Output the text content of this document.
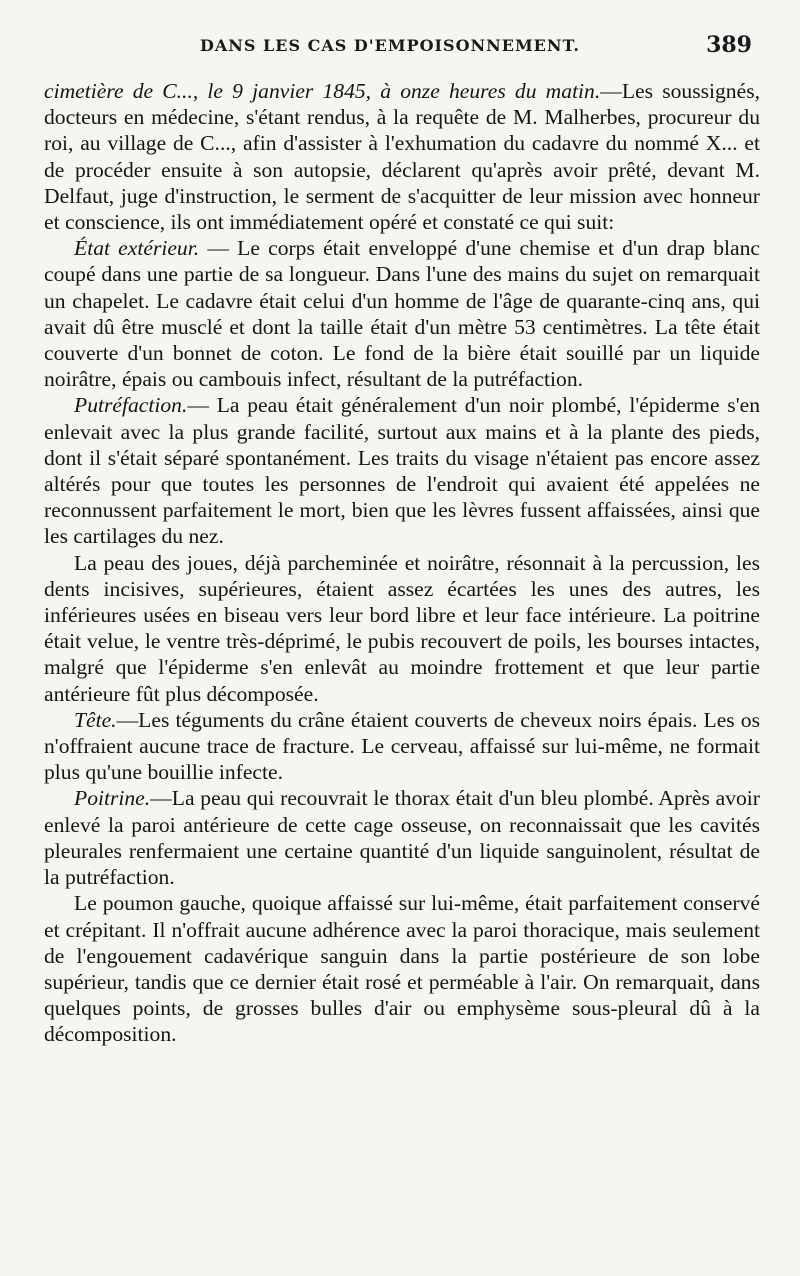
DANS LES CAS D'EMPOISONNEMENT.	389

cimetière de C..., le 9 janvier 1845, à onze heures du matin.—Les soussignés, docteurs en médecine, s'étant rendus, à la requête de M. Malherbes, procureur du roi, au village de C..., afin d'assister à l'exhumation du cadavre du nommé X... et de procéder ensuite à son autopsie, déclarent qu'après avoir prêté, devant M. Delfaut, juge d'instruction, le serment de s'acquitter de leur mission avec honneur et conscience, ils ont immédiatement opéré et constaté ce qui suit:

État extérieur. — Le corps était enveloppé d'une chemise et d'un drap blanc coupé dans une partie de sa longueur. Dans l'une des mains du sujet on remarquait un chapelet. Le cadavre était celui d'un homme de l'âge de quarante-cinq ans, qui avait dû être musclé et dont la taille était d'un mètre 53 centimètres. La tête était couverte d'un bonnet de coton. Le fond de la bière était souillé par un liquide noirâtre, épais ou cambouis infect, résultant de la putréfaction.

Putréfaction.— La peau était généralement d'un noir plombé, l'épiderme s'en enlevait avec la plus grande facilité, surtout aux mains et à la plante des pieds, dont il s'était séparé spontanément. Les traits du visage n'étaient pas encore assez altérés pour que toutes les personnes de l'endroit qui avaient été appelées ne reconnussent parfaitement le mort, bien que les lèvres fussent affaissées, ainsi que les cartilages du nez.

La peau des joues, déjà parcheminée et noirâtre, résonnait à la percussion, les dents incisives, supérieures, étaient assez écartées les unes des autres, les inférieures usées en biseau vers leur bord libre et leur face intérieure. La poitrine était velue, le ventre très-déprimé, le pubis recouvert de poils, les bourses intactes, malgré que l'épiderme s'en enlevât au moindre frottement et que leur partie antérieure fût plus décomposée.

Tête.—Les téguments du crâne étaient couverts de cheveux noirs épais. Les os n'offraient aucune trace de fracture. Le cerveau, affaissé sur lui-même, ne formait plus qu'une bouillie infecte.

Poitrine.—La peau qui recouvrait le thorax était d'un bleu plombé. Après avoir enlevé la paroi antérieure de cette cage osseuse, on reconnaissait que les cavités pleurales renfermaient une certaine quantité d'un liquide sanguinolent, résultat de la putréfaction.

Le poumon gauche, quoique affaissé sur lui-même, était parfaitement conservé et crépitant. Il n'offrait aucune adhérence avec la paroi thoracique, mais seulement de l'engouement cadavérique sanguin dans la partie postérieure de son lobe supérieur, tandis que ce dernier était rosé et perméable à l'air. On remarquait, dans quelques points, de grosses bulles d'air ou emphysème sous-pleural dû à la décomposition.
